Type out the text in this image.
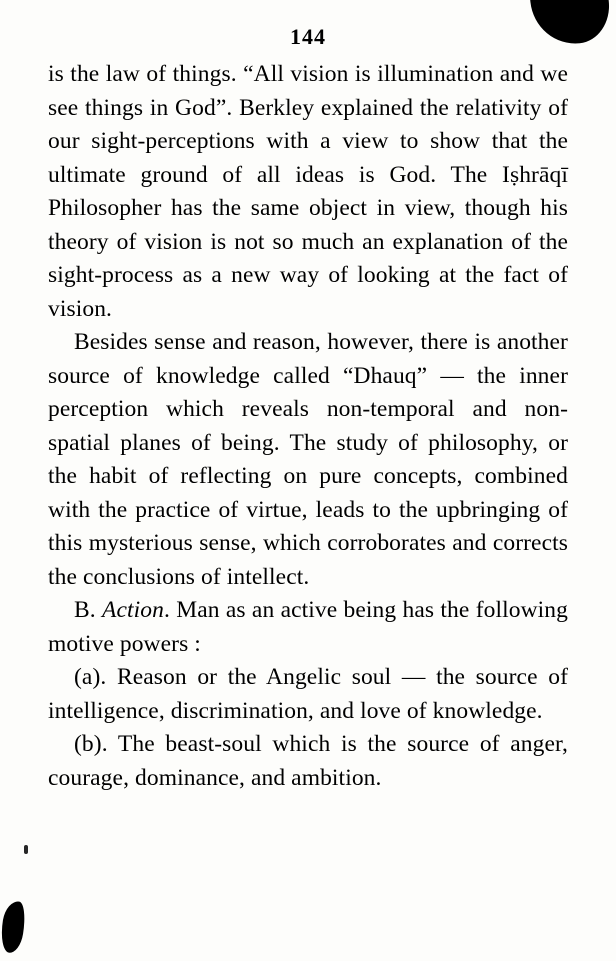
144

is the law of things. “All vision is illumination and we see things in God”. Berkley explained the relativity of our sight-perceptions with a view to show that the ultimate ground of all ideas is God. The Iṣhrāqī Philosopher has the same object in view, though his theory of vision is not so much an explanation of the sight-process as a new way of looking at the fact of vision.

Besides sense and reason, however, there is another source of knowledge called “Dhauq” — the inner perception which reveals non-temporal and non-spatial planes of being. The study of philosophy, or the habit of reflecting on pure concepts, combined with the practice of virtue, leads to the upbringing of this mysterious sense, which corroborates and corrects the conclusions of intellect.

B. Action. Man as an active being has the following motive powers :

(a). Reason or the Angelic soul — the source of intelligence, discrimination, and love of knowledge.

(b). The beast-soul which is the source of anger, courage, dominance, and ambition.
